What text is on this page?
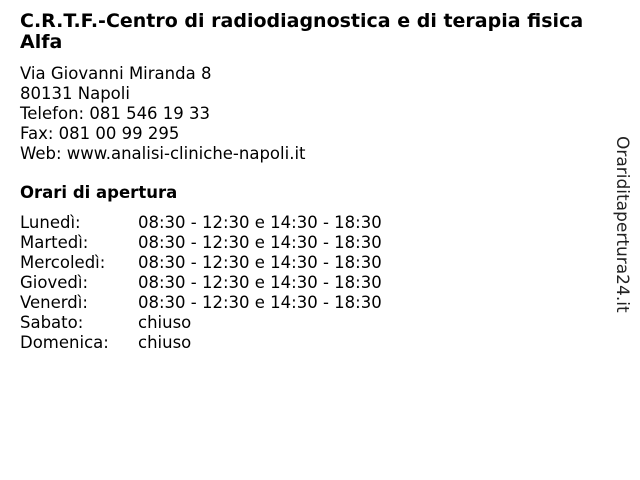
C.R.T.F.-Centro di radiodiagnostica e di terapia fisica Alfa
Via Giovanni Miranda 8
80131 Napoli
Telefon: 081 546 19 33
Fax: 081 00 99 295
Web: www.analisi-cliniche-napoli.it
Orari di apertura
Lunedì:	08:30 - 12:30 e 14:30 - 18:30
Martedì:	08:30 - 12:30 e 14:30 - 18:30
Mercoledì:	08:30 - 12:30 e 14:30 - 18:30
Giovedì:	08:30 - 12:30 e 14:30 - 18:30
Venerdì:	08:30 - 12:30 e 14:30 - 18:30
Sabato:	chiuso
Domenica:	chiuso
Orariditapertura24.it
